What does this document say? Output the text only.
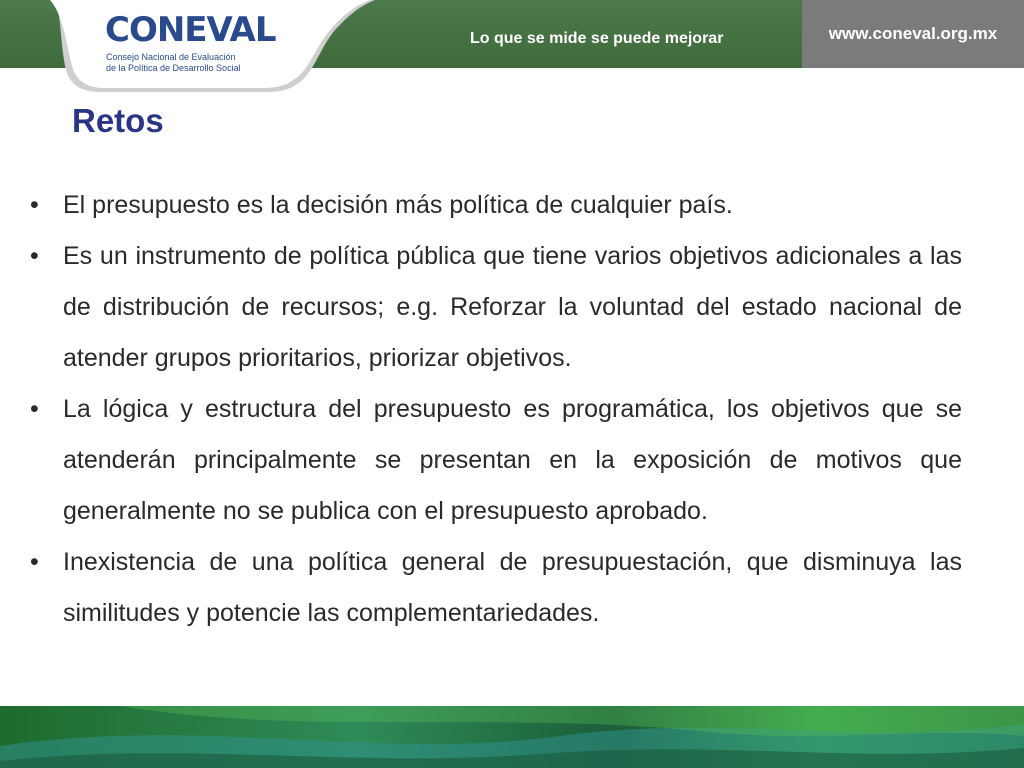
Lo que se mide se puede mejorar	www.coneval.org.mx
CONEVAL
Consejo Nacional de Evaluación
de la Política de Desarrollo Social
Retos
• El presupuesto es la decisión más política de cualquier país.
• Es un instrumento de política pública que tiene varios objetivos adicionales a las de distribución de recursos; e.g. Reforzar la voluntad del estado nacional de atender grupos prioritarios, priorizar objetivos.
• La lógica y estructura del presupuesto es programática, los objetivos que se atenderán principalmente se presentan en la exposición de motivos que generalmente no se publica con el presupuesto aprobado.
• Inexistencia de una política general de presupuestación, que disminuya las similitudes y potencie las complementariedades.
